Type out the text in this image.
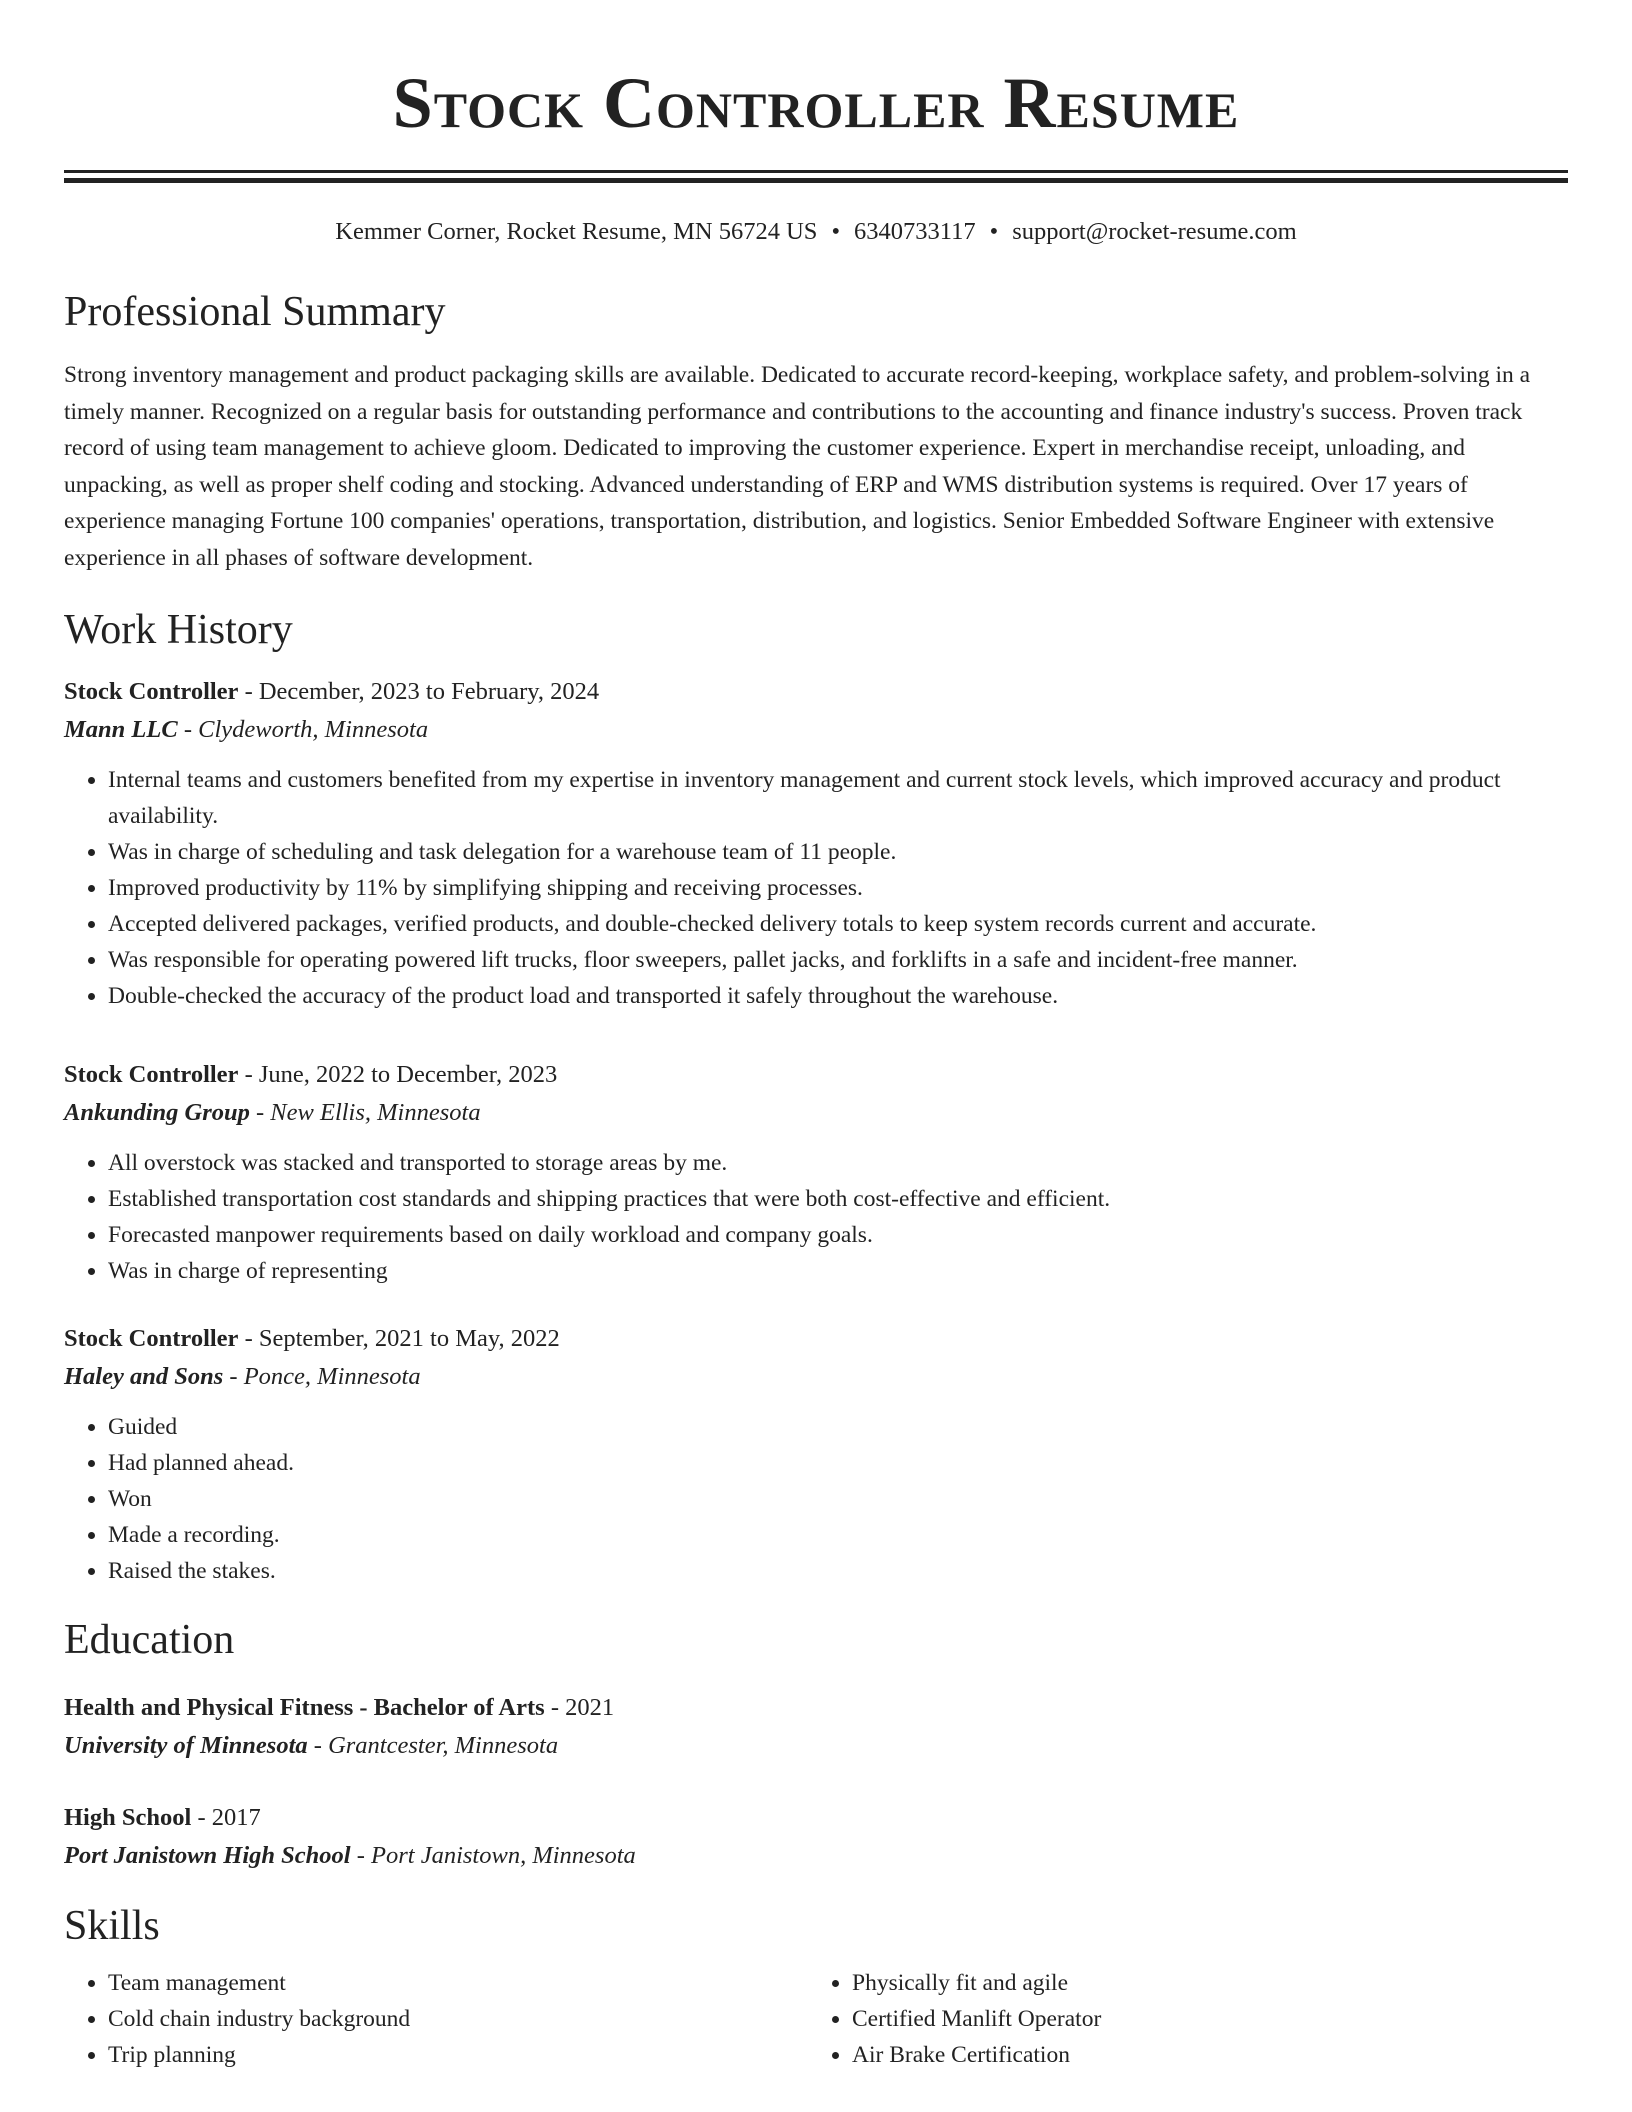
Stock Controller Resume
Kemmer Corner, Rocket Resume, MN 56724 US • 6340733117 • support@rocket-resume.com
Professional Summary

Strong inventory management and product packaging skills are available. Dedicated to accurate record-keeping, workplace safety, and problem-solving in a timely manner. Recognized on a regular basis for outstanding performance and contributions to the accounting and finance industry's success. Proven track record of using team management to achieve gloom. Dedicated to improving the customer experience. Expert in merchandise receipt, unloading, and unpacking, as well as proper shelf coding and stocking. Advanced understanding of ERP and WMS distribution systems is required. Over 17 years of experience managing Fortune 100 companies' operations, transportation, distribution, and logistics. Senior Embedded Software Engineer with extensive experience in all phases of software development.

Work History
Stock Controller - December, 2023 to February, 2024
Mann LLC - Clydeworth, Minnesota
• Internal teams and customers benefited from my expertise in inventory management and current stock levels, which improved accuracy and product availability.
• Was in charge of scheduling and task delegation for a warehouse team of 11 people.
• Improved productivity by 11% by simplifying shipping and receiving processes.
• Accepted delivered packages, verified products, and double-checked delivery totals to keep system records current and accurate.
• Was responsible for operating powered lift trucks, floor sweepers, pallet jacks, and forklifts in a safe and incident-free manner.
• Double-checked the accuracy of the product load and transported it safely throughout the warehouse.
Stock Controller - June, 2022 to December, 2023
Ankunding Group - New Ellis, Minnesota
• All overstock was stacked and transported to storage areas by me.
• Established transportation cost standards and shipping practices that were both cost-effective and efficient.
• Forecasted manpower requirements based on daily workload and company goals.
• Was in charge of representing
Stock Controller - September, 2021 to May, 2022
Haley and Sons - Ponce, Minnesota
• Guided
• Had planned ahead.
• Won
• Made a recording.
• Raised the stakes.
Education
Health and Physical Fitness - Bachelor of Arts - 2021
University of Minnesota - Grantcester, Minnesota
High School - 2017
Port Janistown High School - Port Janistown, Minnesota
Skills
• Team management
• Cold chain industry background
• Trip planning
• Physically fit and agile
• Certified Manlift Operator
• Air Brake Certification
